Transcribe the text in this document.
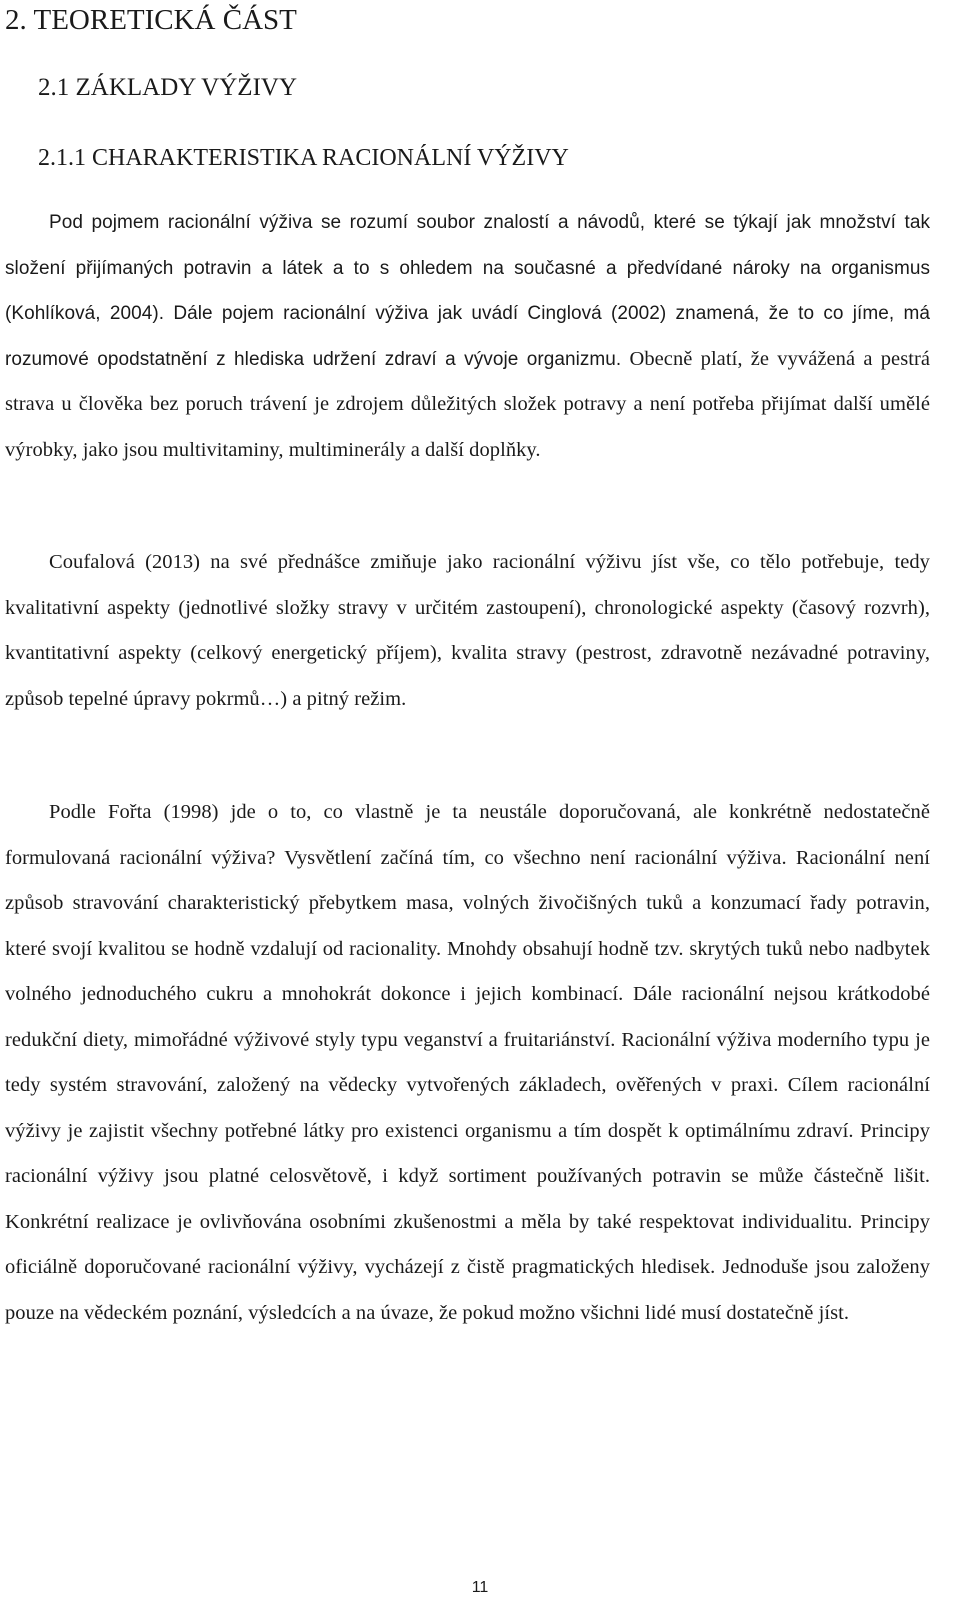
2. TEORETICKÁ ČÁST
2.1 ZÁKLADY VÝŽIVY
2.1.1 CHARAKTERISTIKA RACIONÁLNÍ VÝŽIVY

Pod pojmem racionální výživa se rozumí soubor znalostí a návodů, které se týkají jak množství tak složení přijímaných potravin a látek a to s ohledem na současné a předvídané nároky na organismus (Kohlíková, 2004). Dále pojem racionální výživa jak uvádí Cinglová (2002) znamená, že to co jíme, má rozumové opodstatnění z hlediska udržení zdraví a vývoje organizmu. Obecně platí, že vyvážená a pestrá strava u člověka bez poruch trávení je zdrojem důležitých složek potravy a není potřeba přijímat další umělé výrobky, jako jsou multivitaminy, multiminerály a další doplňky.

Coufalová (2013) na své přednášce zmiňuje jako racionální výživu jíst vše, co tělo potřebuje, tedy kvalitativní aspekty (jednotlivé složky stravy v určitém zastoupení), chronologické aspekty (časový rozvrh), kvantitativní aspekty (celkový energetický příjem), kvalita stravy (pestrost, zdravotně nezávadné potraviny, způsob tepelné úpravy pokrmů…) a pitný režim.

Podle Fořta (1998) jde o to, co vlastně je ta neustále doporučovaná, ale konkrétně nedostatečně formulovaná racionální výživa? Vysvětlení začíná tím, co všechno není racionální výživa. Racionální není způsob stravování charakteristický přebytkem masa, volných živočišných tuků a konzumací řady potravin, které svojí kvalitou se hodně vzdalují od racionality. Mnohdy obsahují hodně tzv. skrytých tuků nebo nadbytek volného jednoduchého cukru a mnohokrát dokonce i jejich kombinací. Dále racionální nejsou krátkodobé redukční diety, mimořádné výživové styly typu veganství a fruitariánství. Racionální výživa moderního typu je tedy systém stravování, založený na vědecky vytvořených základech, ověřených v praxi. Cílem racionální výživy je zajistit všechny potřebné látky pro existenci organismu a tím dospět k optimálnímu zdraví. Principy racionální výživy jsou platné celosvětově, i když sortiment používaných potravin se může částečně lišit. Konkrétní realizace je ovlivňována osobními zkušenostmi a měla by také respektovat individualitu. Principy oficiálně doporučované racionální výživy, vycházejí z čistě pragmatických hledisek. Jednoduše jsou založeny pouze na vědeckém poznání, výsledcích a na úvaze, že pokud možno všichni lidé musí dostatečně jíst.

11
